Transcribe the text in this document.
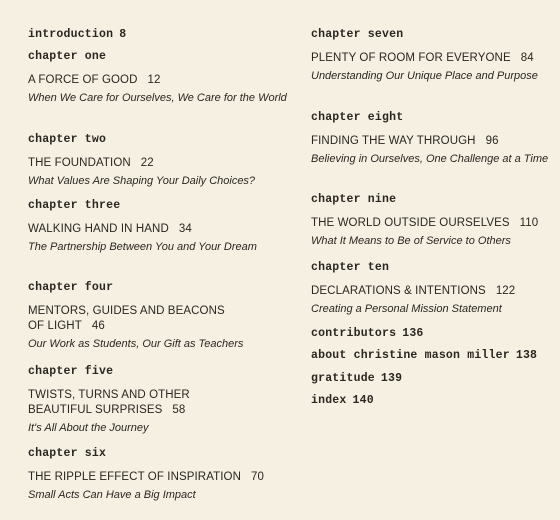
introduction 8
chapter one
A FORCE OF GOOD 12
When We Care for Ourselves, We Care for the World
chapter two
THE FOUNDATION 22
What Values Are Shaping Your Daily Choices?
chapter three
WALKING HAND IN HAND 34
The Partnership Between You and Your Dream
chapter four
MENTORS, GUIDES AND BEACONS OF LIGHT 46
Our Work as Students, Our Gift as Teachers
chapter five
TWISTS, TURNS AND OTHER BEAUTIFUL SURPRISES 58
It's All About the Journey
chapter six
THE RIPPLE EFFECT OF INSPIRATION 70
Small Acts Can Have a Big Impact
chapter seven
PLENTY OF ROOM FOR EVERYONE 84
Understanding Our Unique Place and Purpose
chapter eight
FINDING THE WAY THROUGH 96
Believing in Ourselves, One Challenge at a Time
chapter nine
THE WORLD OUTSIDE OURSELVES 110
What It Means to Be of Service to Others
chapter ten
DECLARATIONS & INTENTIONS 122
Creating a Personal Mission Statement
contributors 136
about christine mason miller 138
gratitude 139
index 140
